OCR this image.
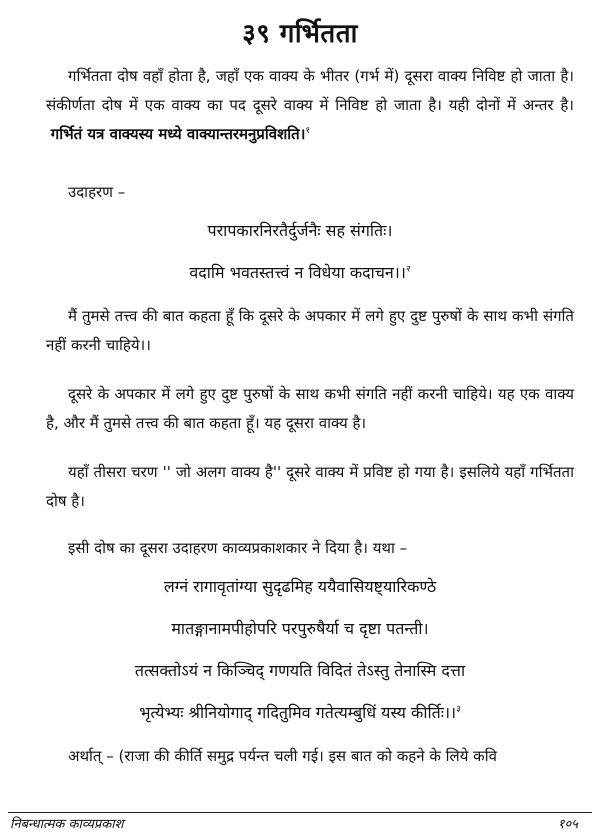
३९ गर्भितता

गर्भितता दोष वहाँ होता है, जहाँ एक वाक्य के भीतर (गर्भ में) दूसरा वाक्य निविष्ट हो जाता है। संकीर्णता दोष में एक वाक्य का पद दूसरे वाक्य में निविष्ट हो जाता है। यही दोनों में अन्तर है।  गर्भितं यत्र वाक्यस्य मध्ये वाक्यान्तरमनुप्रविशति।$^१$

उदाहरण –

परापकारनिरतैर्दुर्जनैः सह संगतिः।

वदामि भवतस्तत्त्वं न विधेया कदाचन।।$^२$

मैं तुमसे तत्त्व की बात कहता हूँ कि दूसरे के अपकार में लगे हुए दुष्ट पुरुषों के साथ कभी संगति नहीं करनी चाहिये।।

दूसरे के अपकार में लगे हुए दुष्ट पुरुषों के साथ कभी संगति नहीं करनी चाहिये। यह एक वाक्य है, और मैं तुमसे तत्त्व की बात कहता हूँ। यह दूसरा वाक्य है।

यहाँ तीसरा चरण '' जो अलग वाक्य है'' दूसरे वाक्य में प्रविष्ट हो गया है। इसलिये यहाँ गर्भितता दोष है।

इसी दोष का दूसरा उदाहरण काव्यप्रकाशकार ने दिया है। यथा –

लग्नं रागावृतांग्या सुदृढमिह ययैवासियष्ट्यारिकण्ठे

मातङ्गानामपीहोपरि परपुरुषैर्या च दृष्टा पतन्ती।

तत्सक्तोऽयं न किञ्चिद् गणयति विदितं तेऽस्तु तेनास्मि दत्ता

भृत्येभ्यः श्रीनियोगाद् गदितुमिव गतेत्यम्बुधिं यस्य कीर्तिः।।$^३$

अर्थात् – (राजा की कीर्ति समुद्र पर्यन्त चली गई। इस बात को कहने के लिये कवि

निबन्धात्मक काव्यप्रकाश	१०५
